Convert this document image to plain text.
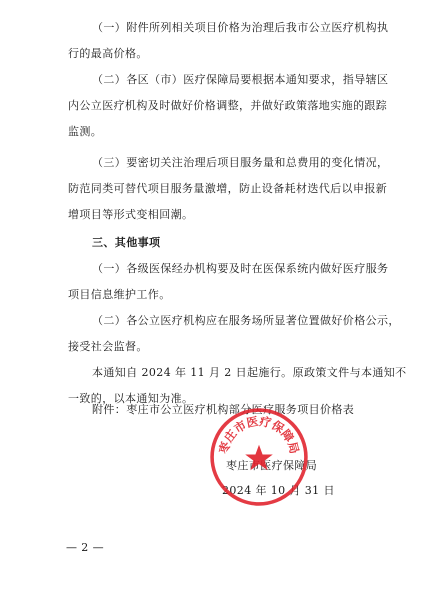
（一）附件所列相关项目价格为治理后我市公立医疗机构执
行的最高价格。
（二）各区（市）医疗保障局要根据本通知要求，指导辖区
内公立医疗机构及时做好价格调整，并做好政策落地实施的跟踪
监测。
（三）要密切关注治理后项目服务量和总费用的变化情况，
防范同类可替代项目服务量激增，防止设备耗材迭代后以申报新
增项目等形式变相回潮。
三、其他事项
（一）各级医保经办机构要及时在医保系统内做好医疗服务
项目信息维护工作。
（二）各公立医疗机构应在服务场所显著位置做好价格公示，
接受社会监督。
本通知自 2024 年 11 月 2 日起施行。原政策文件与本通知不
一致的，以本通知为准。
附件：枣庄市公立医疗机构部分医疗服务项目价格表
枣庄市医疗保障局
2024 年 10 月 31 日
枣庄市医疗保障局
— 2 —
